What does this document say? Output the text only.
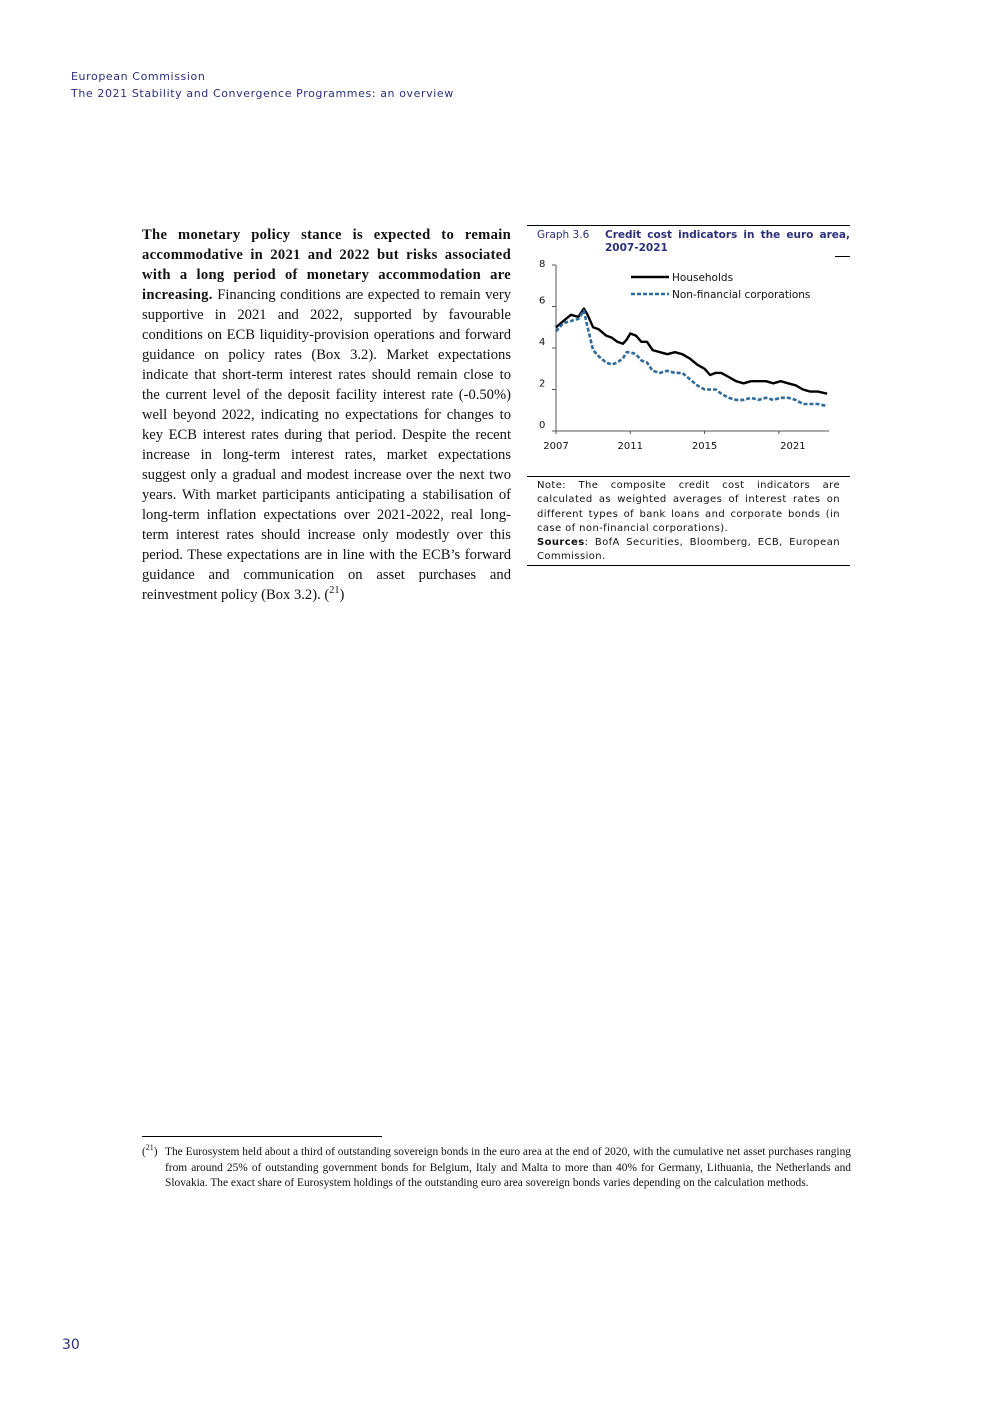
European Commission
The 2021 Stability and Convergence Programmes: an overview
Graph 3.6	Credit cost indicators in the euro area, 2007-2021
0
2
4
6
8
2007	2011	2015	2021
Households
Non-financial corporations
Note: The composite credit cost indicators are calculated as weighted averages of interest rates on different types of bank loans and corporate bonds (in case of non-financial corporations).
Sources: BofA Securities, Bloomberg, ECB, European Commission.
The monetary policy stance is expected to remain accommodative in 2021 and 2022 but risks associated with a long period of monetary accommodation are increasing. Financing conditions are expected to remain very supportive in 2021 and 2022, supported by favourable conditions on ECB liquidity-provision operations and forward guidance on policy rates (Box 3.2). Market expectations indicate that short-term interest rates should remain close to the current level of the deposit facility interest rate (-0.50%) well beyond 2022, indicating no expectations for changes to key ECB interest rates during that period. Despite the recent increase in long-term interest rates, market expectations suggest only a gradual and modest increase over the next two years. With market participants anticipating a stabilisation of long-term inflation expectations over 2021-2022, real long-term interest rates should increase only modestly over this period. These expectations are in line with the ECB’s forward guidance and communication on asset purchases and reinvestment policy (Box 3.2). ($^{21}$)
($^{21}$) The Eurosystem held about a third of outstanding sovereign bonds in the euro area at the end of 2020, with the cumulative net asset purchases ranging from around 25% of outstanding government bonds for Belgium, Italy and Malta to more than 40% for Germany, Lithuania, the Netherlands and Slovakia. The exact share of Eurosystem holdings of the outstanding euro area sovereign bonds varies depending on the calculation methods.
30
